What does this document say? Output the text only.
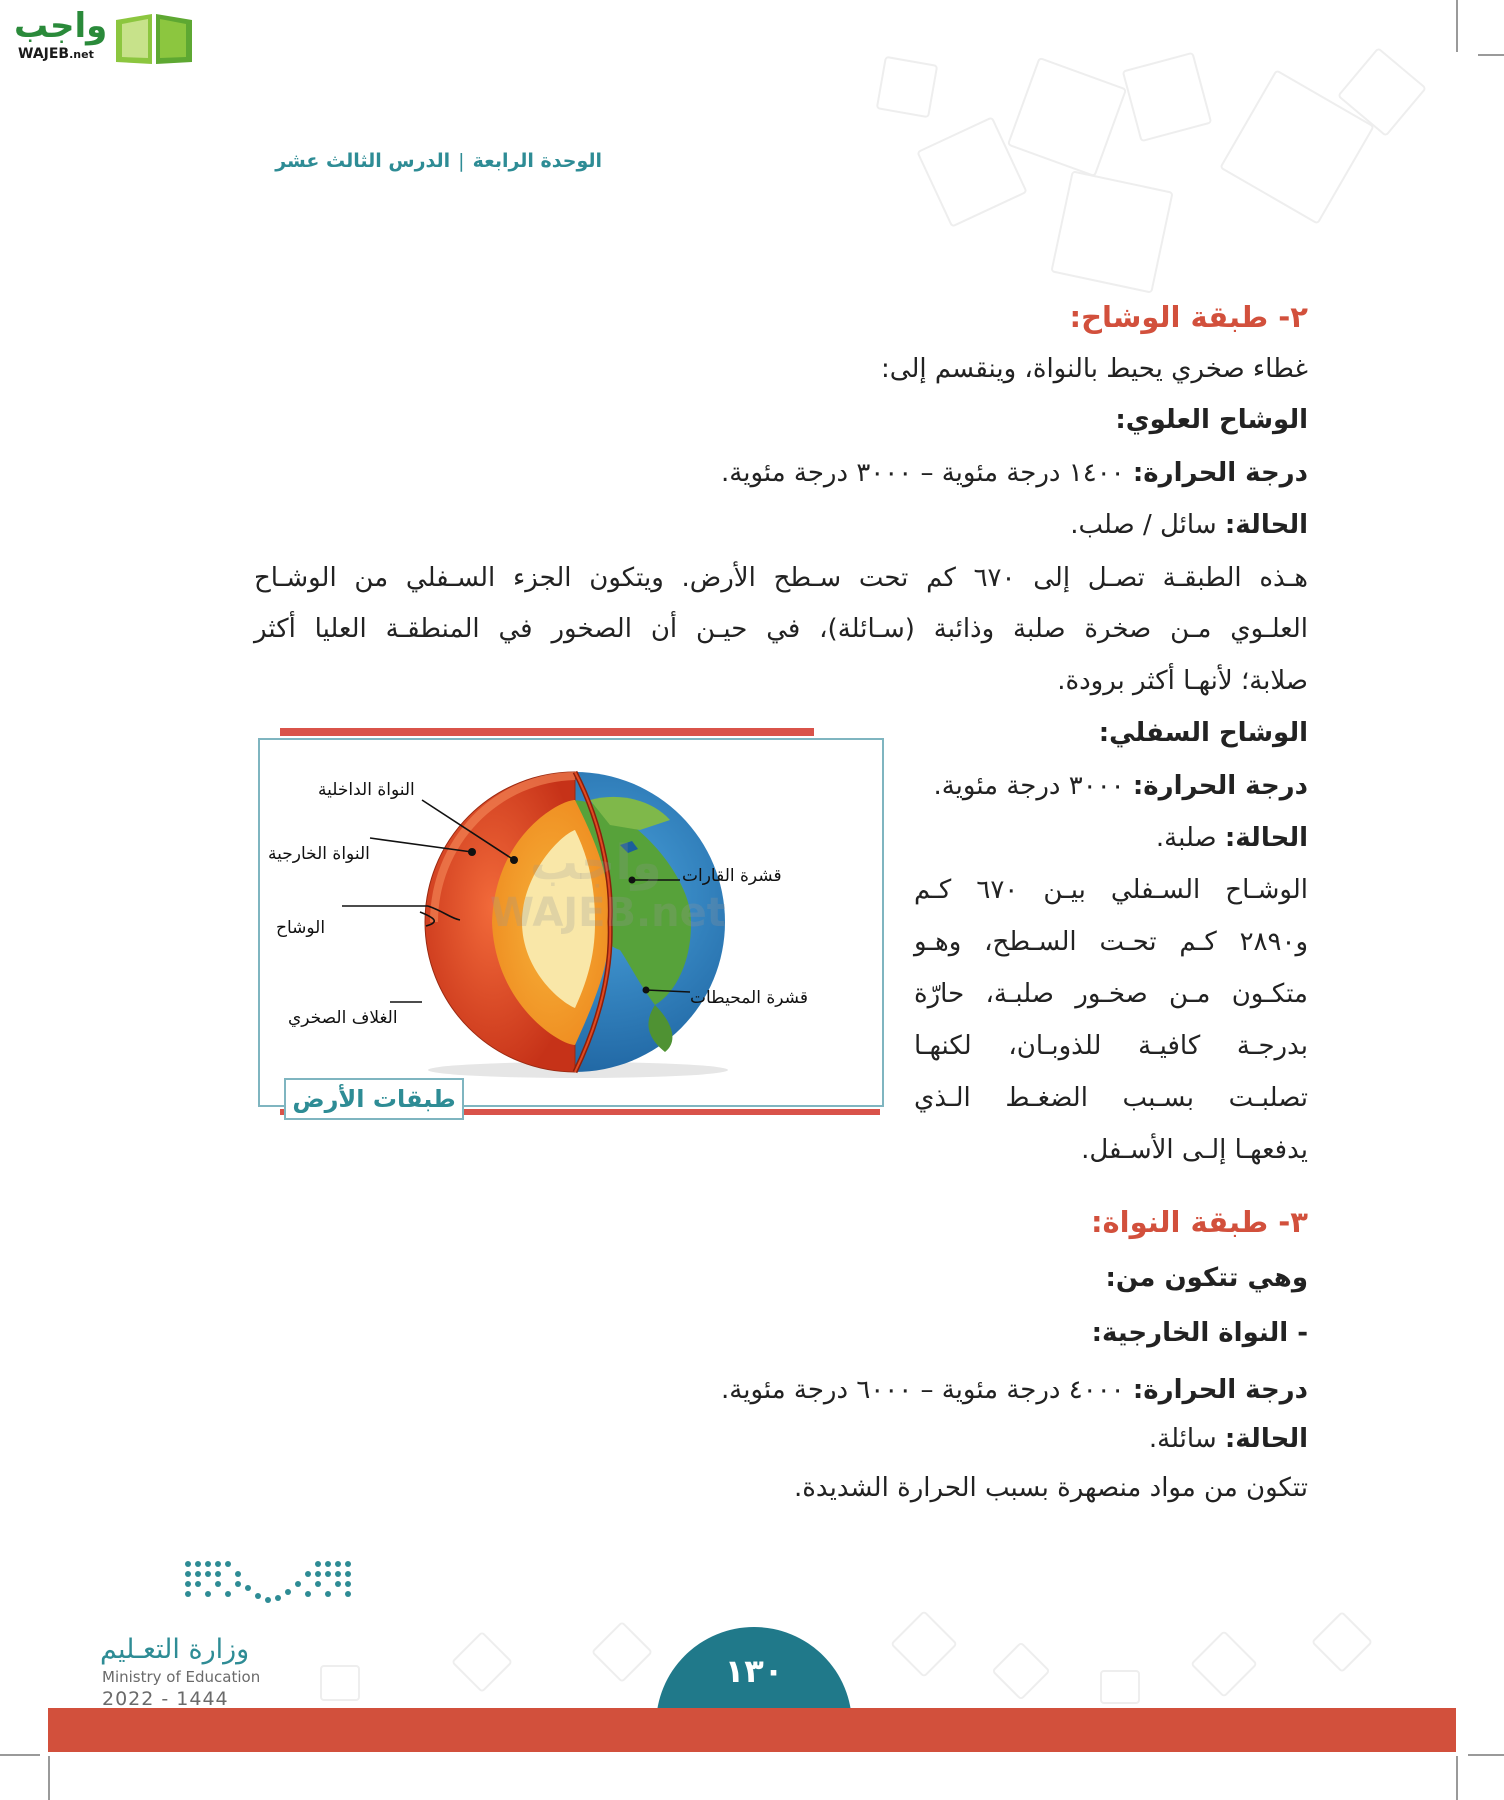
واجب
WAJEB.net
الوحدة الرابعة|الدرس الثالث عشر
٢- طبقة الوشاح:
غطاء صخري يحيط بالنواة، وينقسم إلى:
الوشاح العلوي:
درجة الحرارة: ١٤٠٠ درجة مئوية – ٣٠٠٠ درجة مئوية.
الحالة: سائل / صلب.
هـذه الطبقـة تصـل إلى ٦٧٠ كم تحت سـطح الأرض. ويتكون الجزء السـفلي من الوشـاح
العلـوي مـن صخرة صلبة وذائبة (سـائلة)، في حيـن أن الصخور في المنطقـة العليا أكثر
صلابة؛ لأنهـا أكثر برودة.
الوشاح السفلي:
درجة الحرارة: ٣٠٠٠ درجة مئوية.
الحالة: صلبة.
الوشـاح السـفلي بيـن ٦٧٠ كـم
و٢٨٩٠ كـم تحـت السـطح، وهـو
متكـون مـن صخـور صلبـة، حارّة
بدرجـة كافيـة للذوبـان، لكنهـا
تصلبـت بسـبب الضغـط الـذي
يدفعهـا إلـى الأسـفل.
WAJEB.net
واجب
النواة الداخلية
النواة الخارجية
الوشاح
الغلاف الصخري
قشرة القارات
قشرة المحيطات
طبقات الأرض
٣- طبقة النواة:
وهي تتكون من:
- النواة الخارجية:
درجة الحرارة: ٤٠٠٠ درجة مئوية – ٦٠٠٠ درجة مئوية.
الحالة: سائلة.
تتكون من مواد منصهرة بسبب الحرارة الشديدة.
١٣٠
وزارة التعـليم
Ministry of Education
2022 - 1444
